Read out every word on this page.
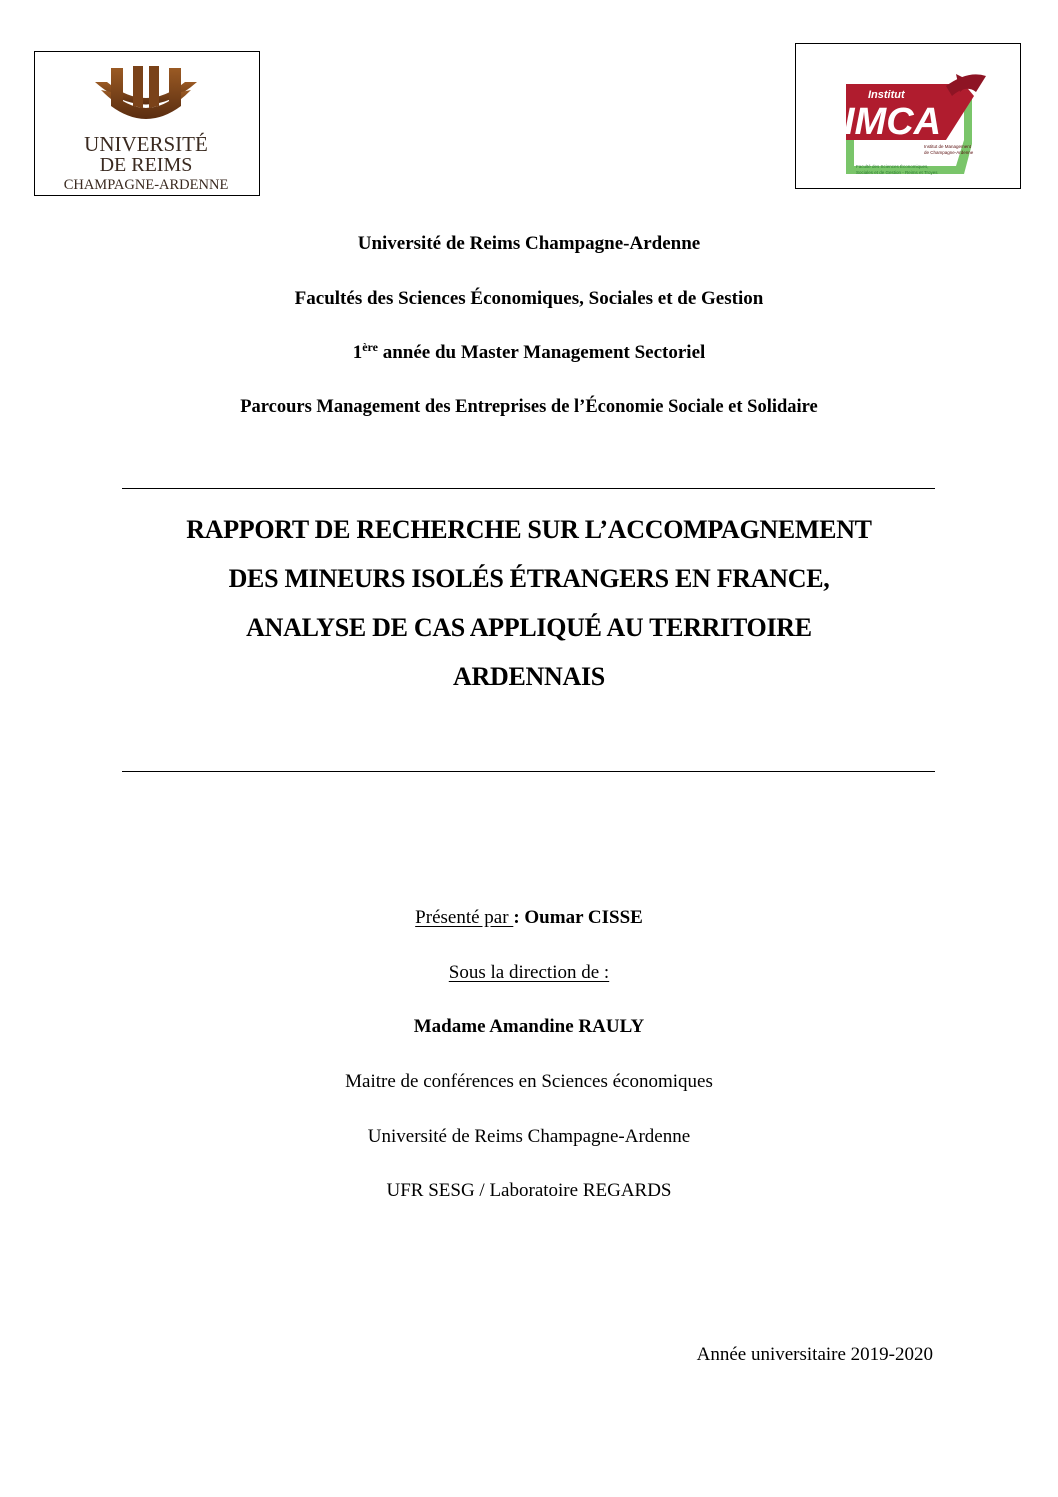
UNIVERSITÉ
DE REIMS
CHAMPAGNE-ARDENNE
Institut
IMCA
Institut de Management
de Champagne-Ardenne
Faculté des Sciences Économiques,
Sociales et de Gestion - Reims et Troyes
Université de Reims Champagne-Ardenne
Facultés des Sciences Économiques, Sociales et de Gestion
1ère année du Master Management Sectoriel
Parcours Management des Entreprises de l’Économie Sociale et Solidaire
RAPPORT DE RECHERCHE SUR L’ACCOMPAGNEMENT
DES MINEURS ISOLÉS ÉTRANGERS EN FRANCE,
ANALYSE DE CAS APPLIQUÉ AU TERRITOIRE
ARDENNAIS
Présenté par : Oumar CISSE
Sous la direction de :
Madame Amandine RAULY
Maitre de conférences en Sciences économiques
Université de Reims Champagne-Ardenne
UFR SESG / Laboratoire REGARDS
Année universitaire 2019-2020
